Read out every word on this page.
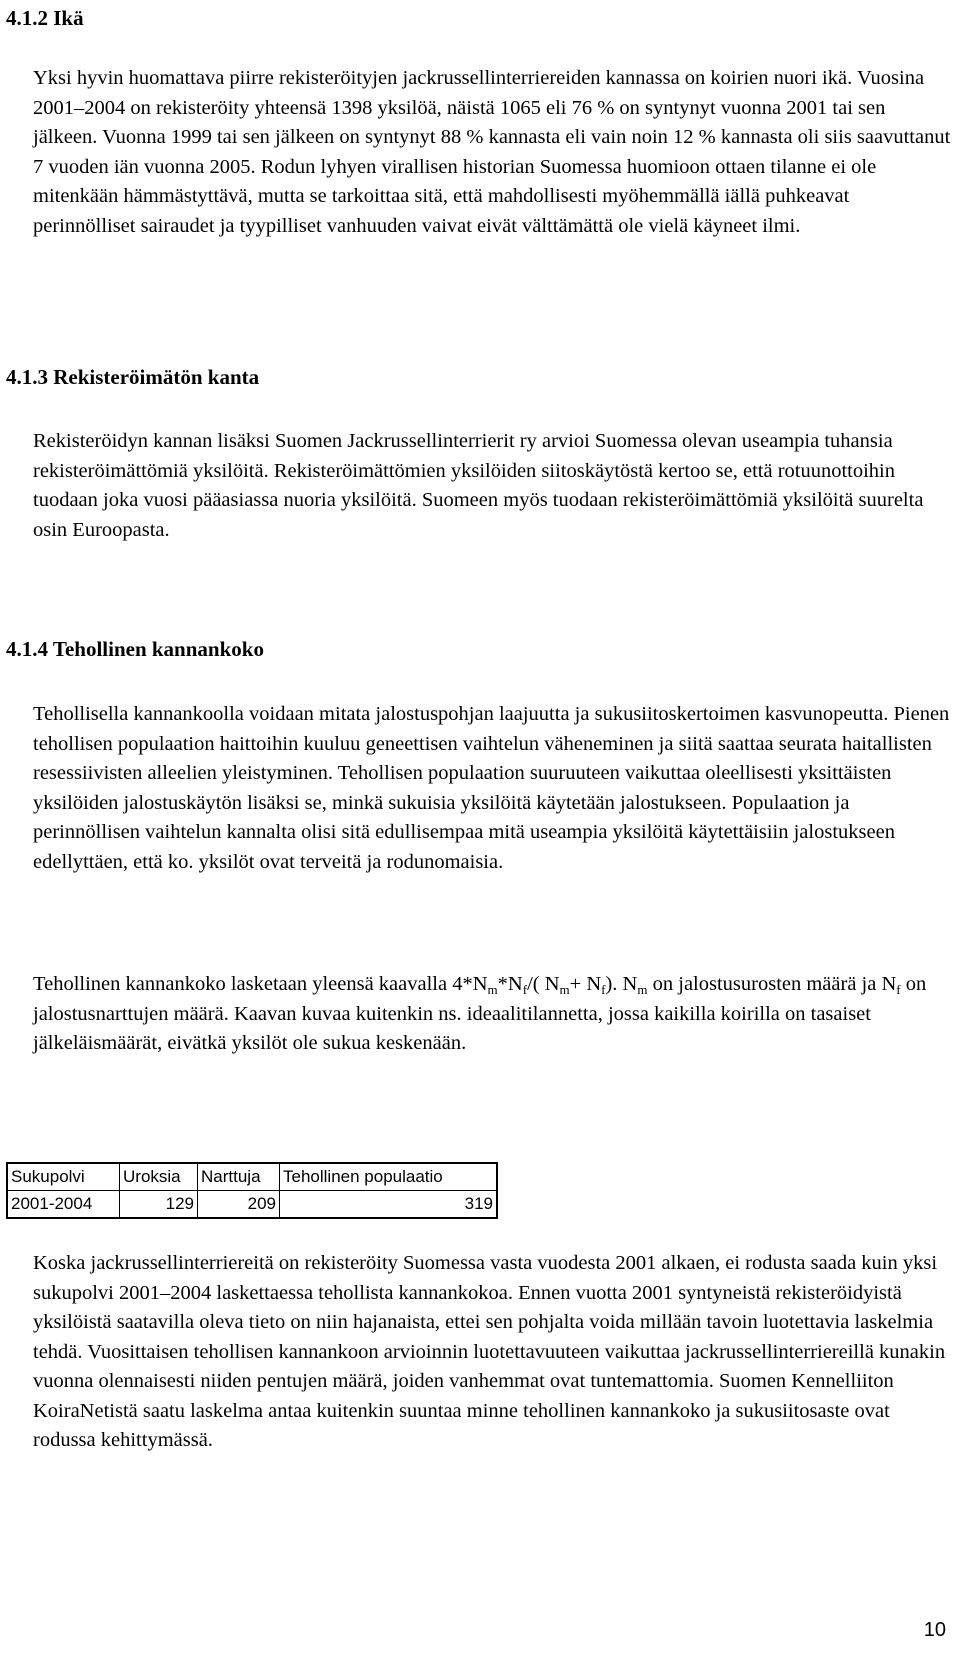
4.1.2 Ikä

Yksi hyvin huomattava piirre rekisteröityjen jackrussellinterriereiden kannassa on koirien nuori ikä. Vuosina 2001–2004 on rekisteröity yhteensä 1398 yksilöä, näistä 1065 eli 76 % on syntynyt vuonna 2001 tai sen jälkeen. Vuonna 1999 tai sen jälkeen on syntynyt 88 % kannasta eli vain noin 12 % kannasta oli siis saavuttanut 7 vuoden iän vuonna 2005. Rodun lyhyen virallisen historian Suomessa huomioon ottaen tilanne ei ole mitenkään hämmästyttävä, mutta se tarkoittaa sitä, että mahdollisesti myöhemmällä iällä puhkeavat perinnölliset sairaudet ja tyypilliset vanhuuden vaivat eivät välttämättä ole vielä käyneet ilmi.

4.1.3 Rekisteröimätön kanta

Rekisteröidyn kannan lisäksi Suomen Jackrussellinterrierit ry arvioi Suomessa olevan useampia tuhansia rekisteröimättömiä yksilöitä. Rekisteröimättömien yksilöiden siitoskäytöstä kertoo se, että rotuunottoihin tuodaan joka vuosi pääasiassa nuoria yksilöitä. Suomeen myös tuodaan rekisteröimättömiä yksilöitä suurelta osin Euroopasta.

4.1.4 Tehollinen kannankoko

Tehollisella kannankoolla voidaan mitata jalostuspohjan laajuutta ja sukusiitoskertoimen kasvunopeutta. Pienen tehollisen populaation haittoihin kuuluu geneettisen vaihtelun väheneminen ja siitä saattaa seurata haitallisten resessiivisten alleelien yleistyminen. Tehollisen populaation suuruuteen vaikuttaa oleellisesti yksittäisten yksilöiden jalostuskäytön lisäksi se, minkä sukuisia yksilöitä käytetään jalostukseen. Populaation ja perinnöllisen vaihtelun kannalta olisi sitä edullisempaa mitä useampia yksilöitä käytettäisiin jalostukseen edellyttäen, että ko. yksilöt ovat terveitä ja rodunomaisia.

Tehollinen kannankoko lasketaan yleensä kaavalla $4*N_m*N_f/$( $N_m+ N_f$). $N_m$ on jalostusurosten määrä ja $N_f$ on jalostusnarttujen määrä. Kaavan kuvaa kuitenkin ns. ideaalitilannetta, jossa kaikilla koirilla on tasaiset jälkeläismäärät, eivätkä yksilöt ole sukua keskenään.

Sukupolvi	Uroksia	Narttuja	Tehollinen populaatio
2001-2004	129	209	319

Koska jackrussellinterriereitä on rekisteröity Suomessa vasta vuodesta 2001 alkaen, ei rodusta saada kuin yksi sukupolvi 2001–2004 laskettaessa tehollista kannankokoa. Ennen vuotta 2001 syntyneistä rekisteröidyistä yksilöistä saatavilla oleva tieto on niin hajanaista, ettei sen pohjalta voida millään tavoin luotettavia laskelmia tehdä. Vuosittaisen tehollisen kannankoon arvioinnin luotettavuuteen vaikuttaa jackrussellinterriereillä kunakin vuonna olennaisesti niiden pentujen määrä, joiden vanhemmat ovat tuntemattomia. Suomen Kennelliiton KoiraNetistä saatu laskelma antaa kuitenkin suuntaa minne tehollinen kannankoko ja sukusiitosaste ovat rodussa kehittymässä.

10
